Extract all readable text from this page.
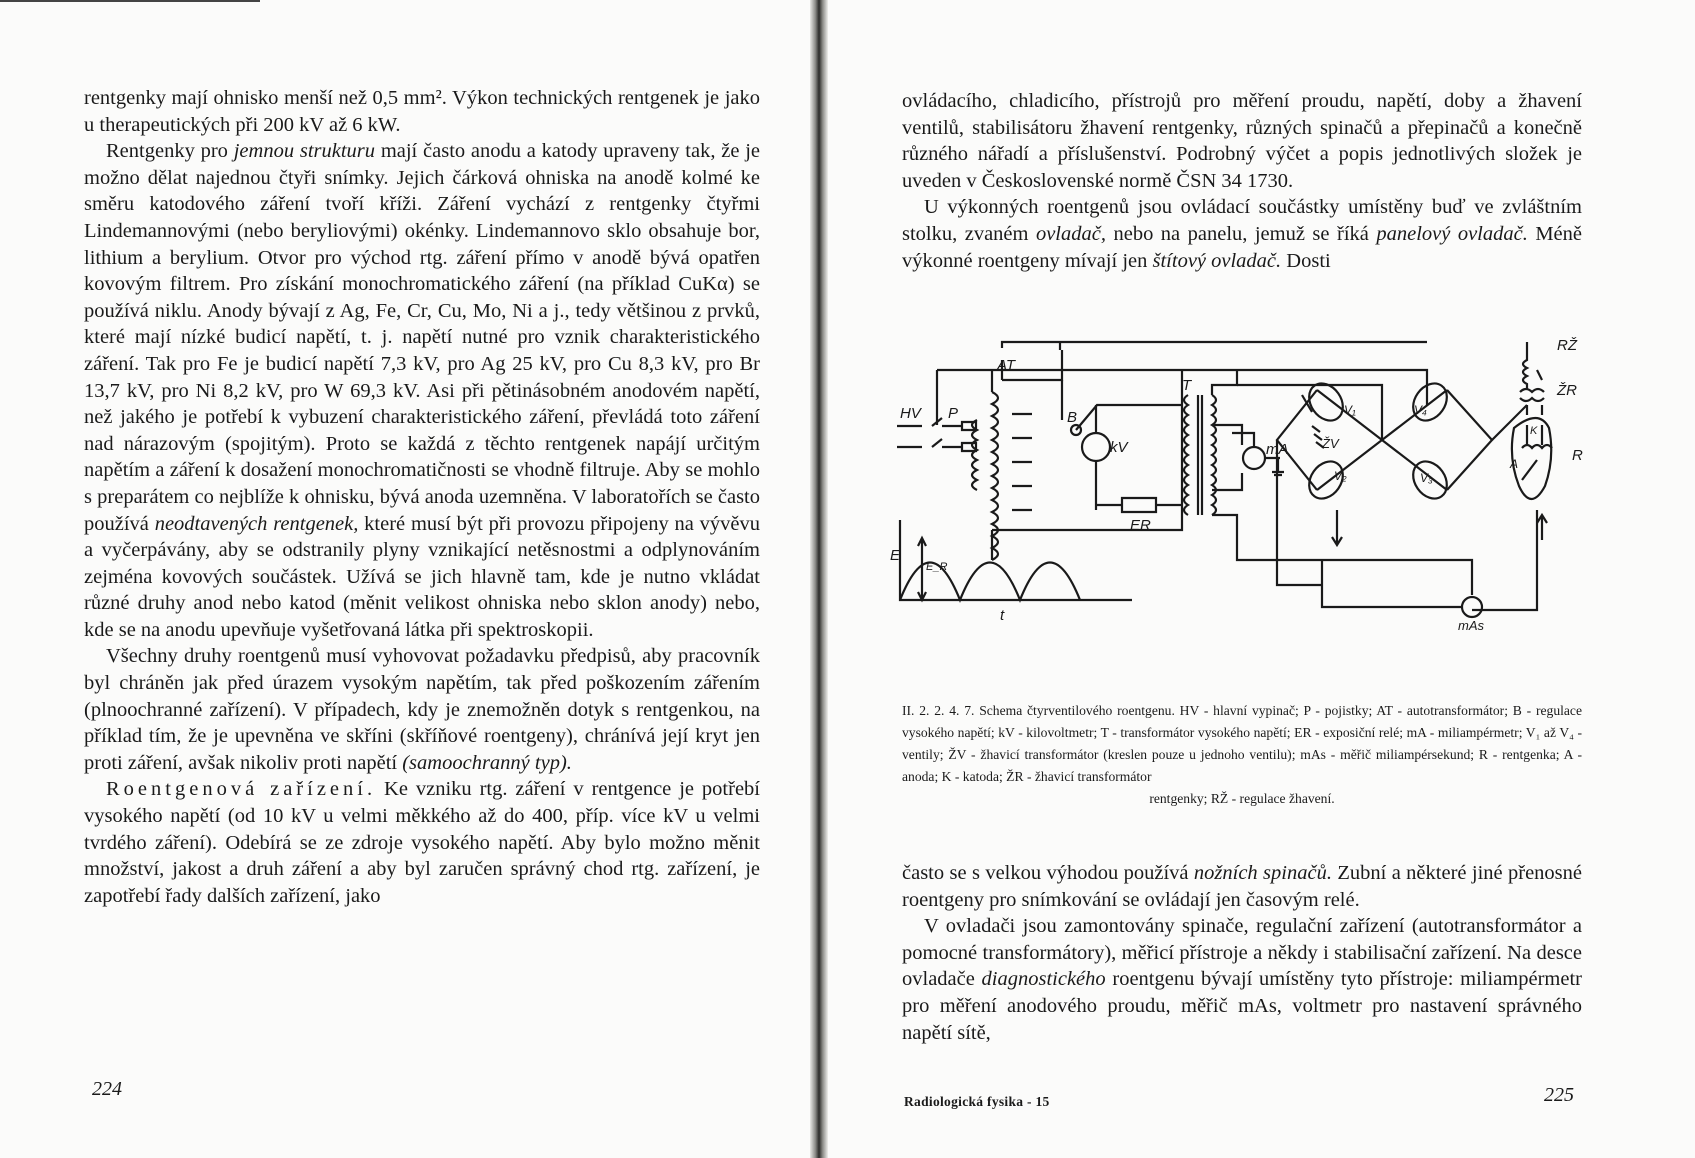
rentgenky mají ohnisko menší než 0,5 mm². Výkon technických rentgenek je jako u therapeutických při 200 kV až 6 kW.

Rentgenky pro jemnou strukturu mají často anodu a katody upraveny tak, že je možno dělat najednou čtyři snímky. Jejich čárková ohniska na anodě kolmé ke směru katodového záření tvoří kříži. Záření vychází z rentgenky čtyřmi Lindemannovými (nebo beryliovými) okénky. Lindemannovo sklo obsahuje bor, lithium a berylium. Otvor pro východ rtg. záření přímo v anodě bývá opatřen kovovým filtrem. Pro získání monochromatického záření (na příklad CuKα) se používá niklu. Anody bývají z Ag, Fe, Cr, Cu, Mo, Ni a j., tedy většinou z prvků, které mají nízké budicí napětí, t. j. napětí nutné pro vznik charakteristického záření. Tak pro Fe je budicí napětí 7,3 kV, pro Ag 25 kV, pro Cu 8,3 kV, pro Br 13,7 kV, pro Ni 8,2 kV, pro W 69,3 kV. Asi při pětinásobném anodovém napětí, než jakého je potřebí k vybuzení charakteristického záření, převládá toto záření nad nárazovým (spojitým). Proto se každá z těchto rentgenek napájí určitým napětím a záření k dosažení monochromatičnosti se vhodně filtruje. Aby se mohlo s preparátem co nejblíže k ohnisku, bývá anoda uzemněna. V laboratořích se často používá neodtavených rentgenek, které musí být při provozu připojeny na vývěvu a vyčerpávány, aby se odstranily plyny vznikající netěsnostmi a odplynováním zejména kovových součástek. Užívá se jich hlavně tam, kde je nutno vkládat různé druhy anod nebo katod (měnit velikost ohniska nebo sklon anody) nebo, kde se na anodu upevňuje vyšetřovaná látka při spektroskopii.

Všechny druhy roentgenů musí vyhovovat požadavku předpisů, aby pracovník byl chráněn jak před úrazem vysokým napětím, tak před poškozením zářením (plnoochranné zařízení). V případech, kdy je znemožněn dotyk s rentgenkou, na příklad tím, že je upevněna ve skříni (skříňové roentgeny), chránívá její kryt jen proti záření, avšak nikoliv proti napětí (samoochranný typ).

Roentgenová zařízení. Ke vzniku rtg. záření v rentgence je potřebí vysokého napětí (od 10 kV u velmi měkkého až do 400, příp. více kV u velmi tvrdého záření). Odebírá se ze zdroje vysokého napětí. Aby bylo možno měnit množství, jakost a druh záření a aby byl zaručen správný chod rtg. zařízení, je zapotřebí řady dalších zařízení, jako

224

ovládacího, chladicího, přístrojů pro měření proudu, napětí, doby a žhavení ventilů, stabilisátoru žhavení rentgenky, různých spinačů a přepinačů a konečně různého nářadí a příslušenství. Podrobný výčet a popis jednotlivých složek je uveden v Československé normě ČSN 34 1730.

U výkonných roentgenů jsou ovládací součástky umístěny buď ve zvláštním stolku, zvaném ovladač, nebo na panelu, jemuž se říká panelový ovladač. Méně výkonné roentgeny mívají jen štítový ovladač. Dosti

AT
HV P	B
kV
T
mA
ER
V₁
V₂	V₃
V₄
ŽV
RŽ
ŽR
R
A
K
E
E_R
t
mAs
II. 2. 2. 4. 7. Schema čtyrventilového roentgenu. HV - hlavní vypinač; P - pojistky; AT - autotransformátor; B - regulace vysokého napětí; kV - kilovoltmetr; T - transformátor vysokého napětí; ER - exposiční relé; mA - miliampérmetr; V₁ až V₄ - ventily; ŽV - žhavicí transformátor (kreslen pouze u jednoho ventilu); mAs - měřič miliampérsekund; R - rentgenka; A - anoda; K - katoda; ŽR - žhavicí transformátor
rentgenky; RŽ - regulace žhavení.

často se s velkou výhodou používá nožních spinačů. Zubní a některé jiné přenosné roentgeny pro snímkování se ovládají jen časovým relé.

V ovladači jsou zamontovány spinače, regulační zařízení (autotransformátor a pomocné transformátory), měřicí přístroje a někdy i stabilisační zařízení. Na desce ovladače diagnostického roentgenu bývají umístěny tyto přístroje: miliampérmetr pro měření anodového proudu, měřič mAs, voltmetr pro nastavení správného napětí sítě,

Radiologická fysika - 15	225
